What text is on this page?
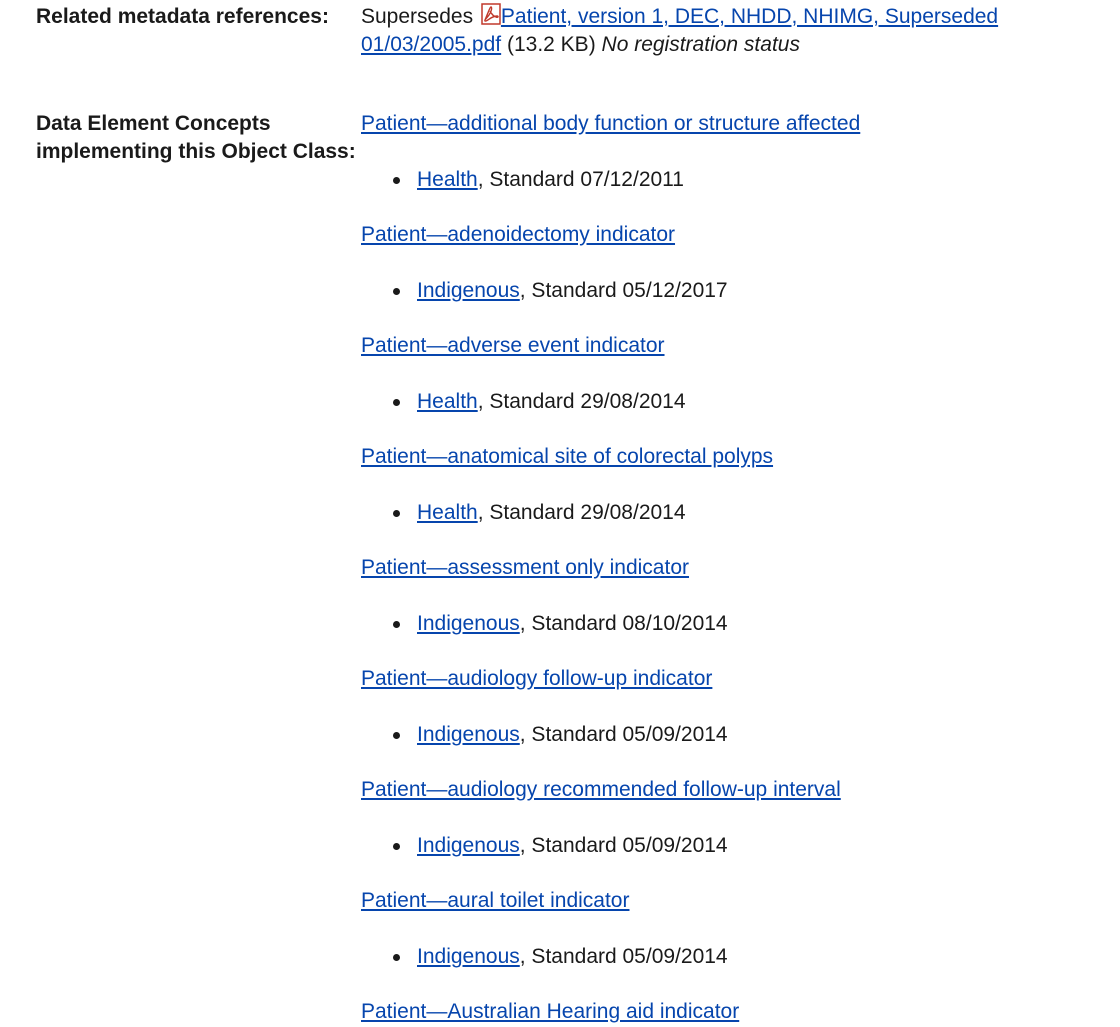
Related metadata references:	Supersedes Patient, version 1, DEC, NHDD, NHIMG, Superseded 01/03/2005.pdf (13.2 KB) No registration status
Data Element Concepts implementing this Object Class:
Patient—additional body function or structure affected
Health, Standard 07/12/2011
Patient—adenoidectomy indicator
Indigenous, Standard 05/12/2017
Patient—adverse event indicator
Health, Standard 29/08/2014
Patient—anatomical site of colorectal polyps
Health, Standard 29/08/2014
Patient—assessment only indicator
Indigenous, Standard 08/10/2014
Patient—audiology follow-up indicator
Indigenous, Standard 05/09/2014
Patient—audiology recommended follow-up interval
Indigenous, Standard 05/09/2014
Patient—aural toilet indicator
Indigenous, Standard 05/09/2014
Patient—Australian Hearing aid indicator
